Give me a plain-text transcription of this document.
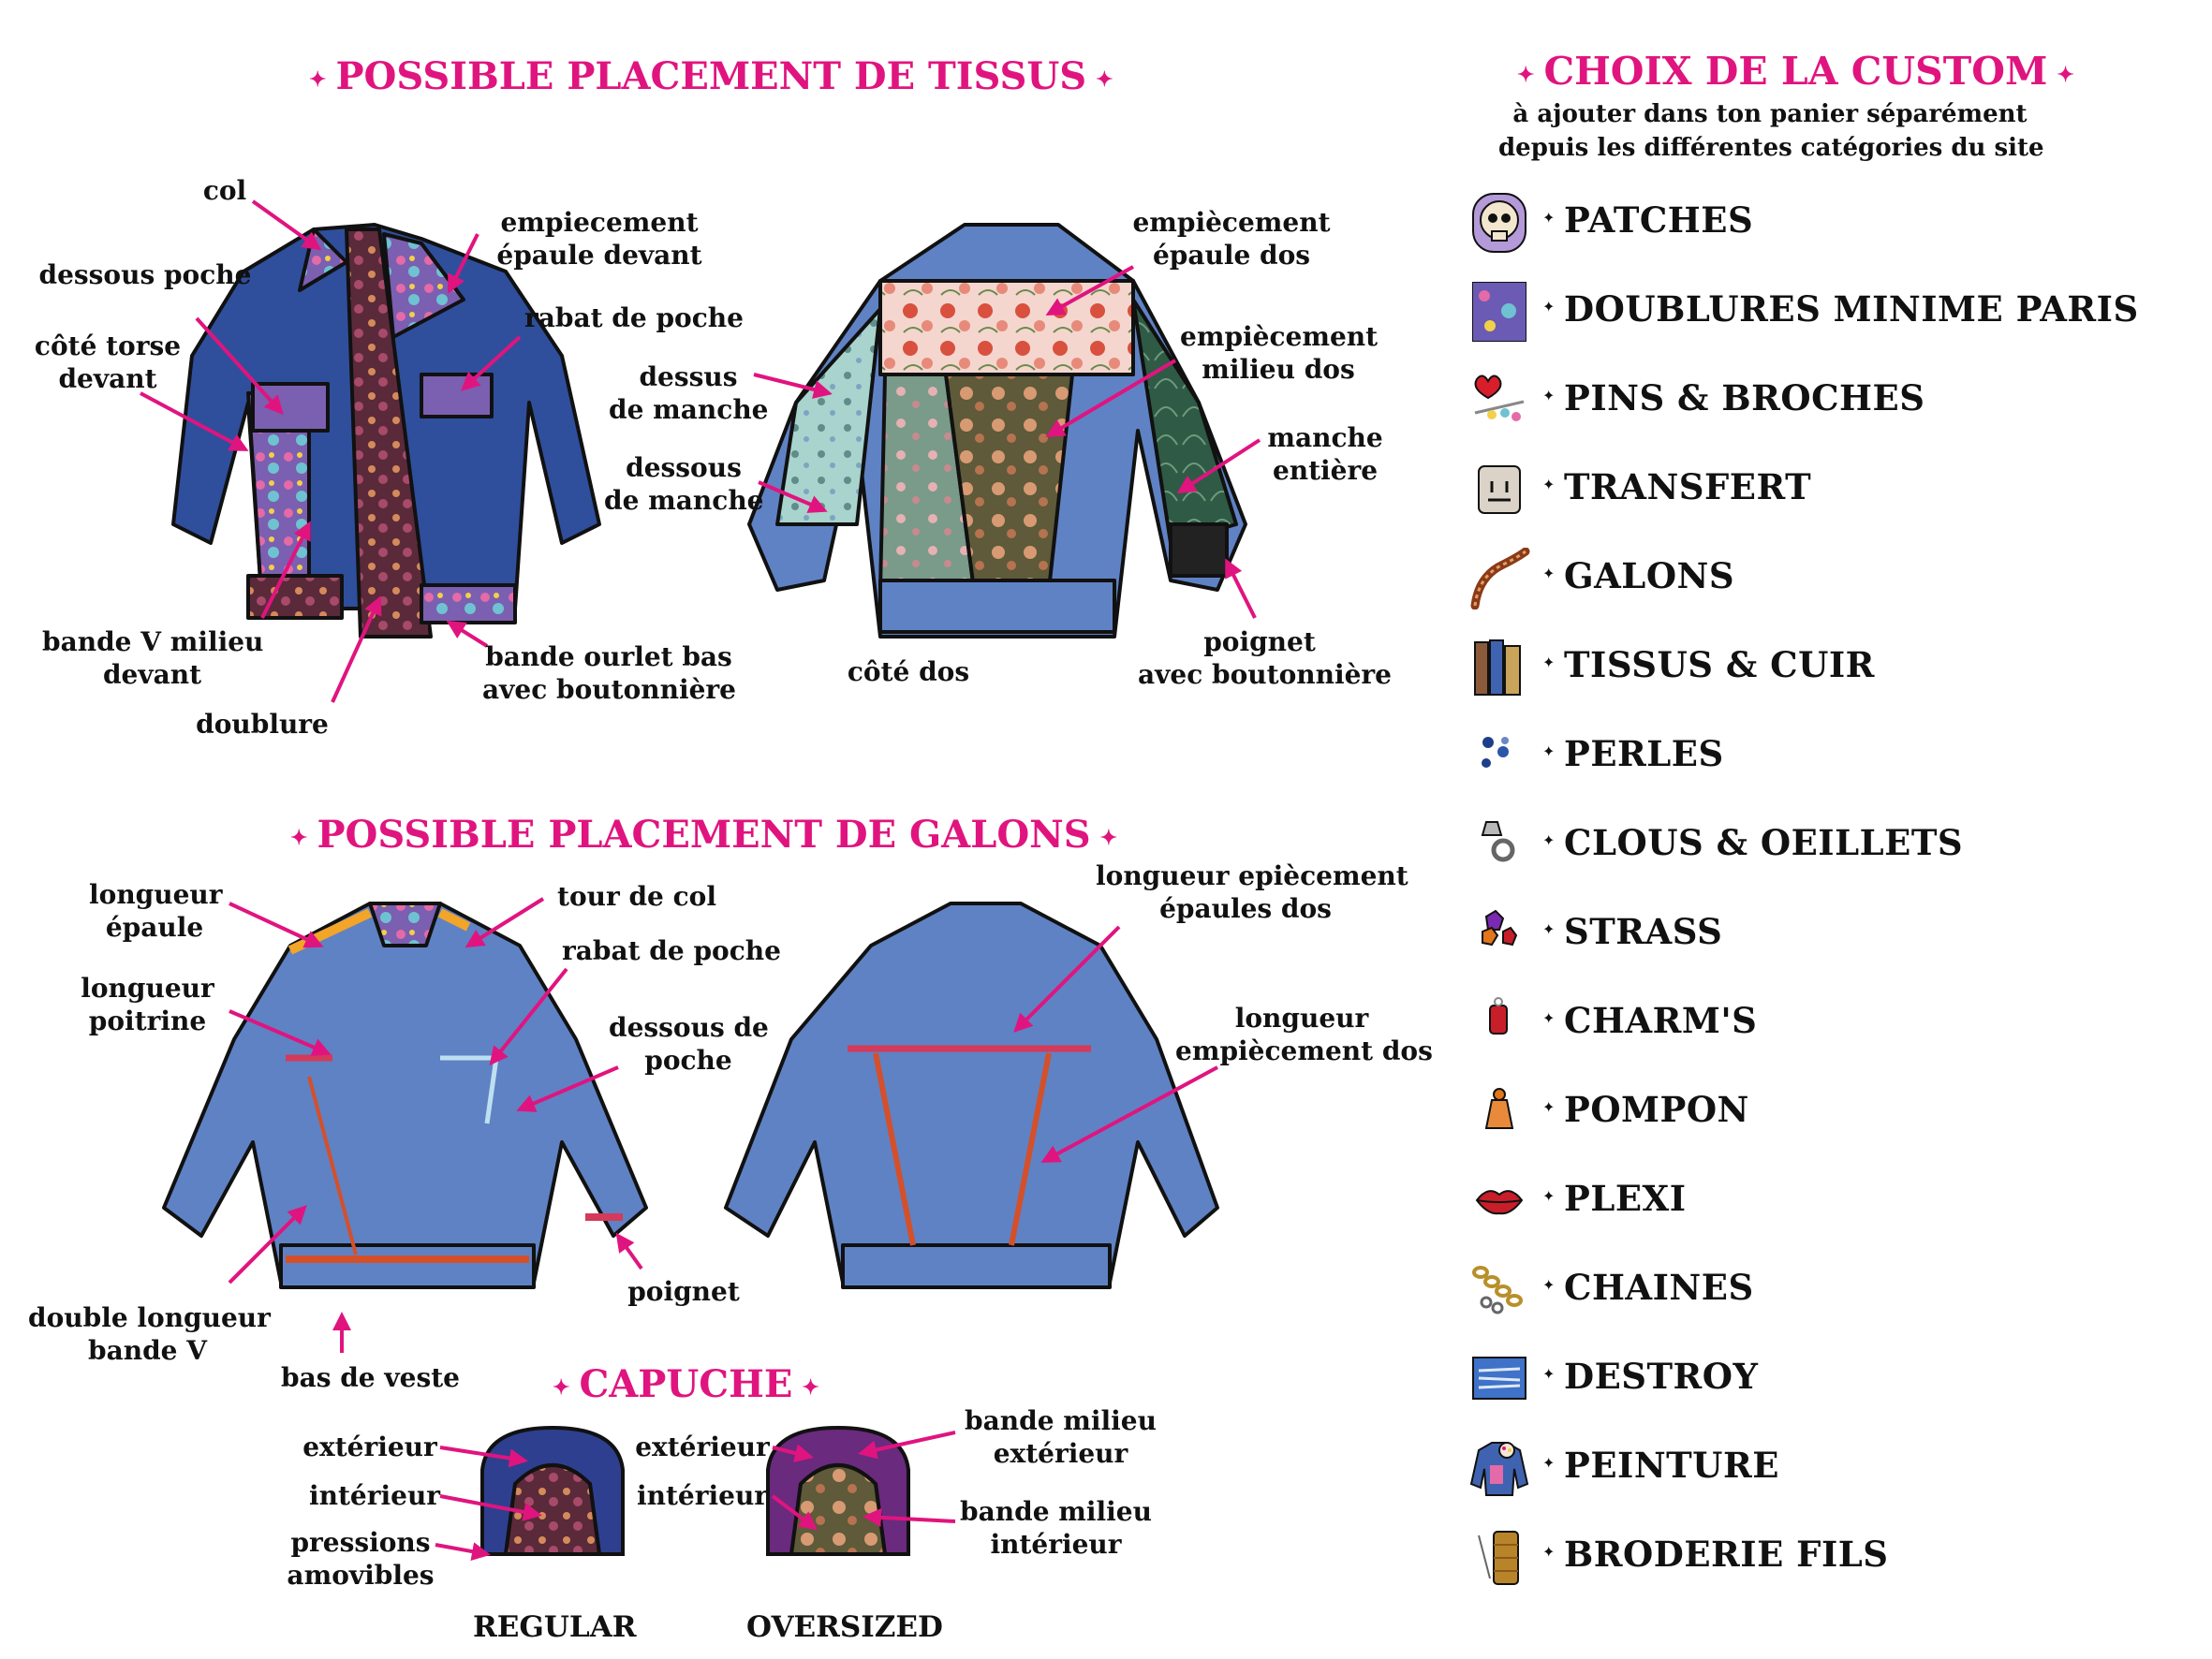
✦ POSSIBLE PLACEMENT DE TISSUS ✦
✦ POSSIBLE PLACEMENT DE GALONS ✦
✦ CAPUCHE ✦
✦ CHOIX DE LA CUSTOM ✦
à ajouter dans ton panier séparément
depuis les différentes catégories du site
col
dessous poche
côté torse
devant
empiecement
épaule devant
rabat de poche
bande V milieu
devant
doublure
bande ourlet bas
avec boutonnière
empiècement
épaule dos
dessus
de manche
dessous
de manche
empiècement
milieu dos
manche
entière
poignet
avec boutonnière
côté dos
longueur
épaule
tour de col
rabat de poche
longueur
poitrine	dessous de
poche
poignet
double longueur
bande V
bas de veste
longueur epiècement
épaules dos
longueur
empiècement dos
extérieur
intérieur
pressions
amovibles
extérieur
intérieur
bande milieu
extérieur
bande milieu
intérieur
REGULAR	OVERSIZED
✦ PATCHES
✦ DOUBLURES MINIME PARIS
✦ PINS & BROCHES
✦ TRANSFERT
✦ GALONS
✦ TISSUS & CUIR
✦ PERLES
✦ CLOUS & OEILLETS
✦ STRASS
✦ CHARM'S
✦ POMPON
✦ PLEXI
✦ CHAINES
✦ DESTROY
✦ PEINTURE
✦ BRODERIE FILS
